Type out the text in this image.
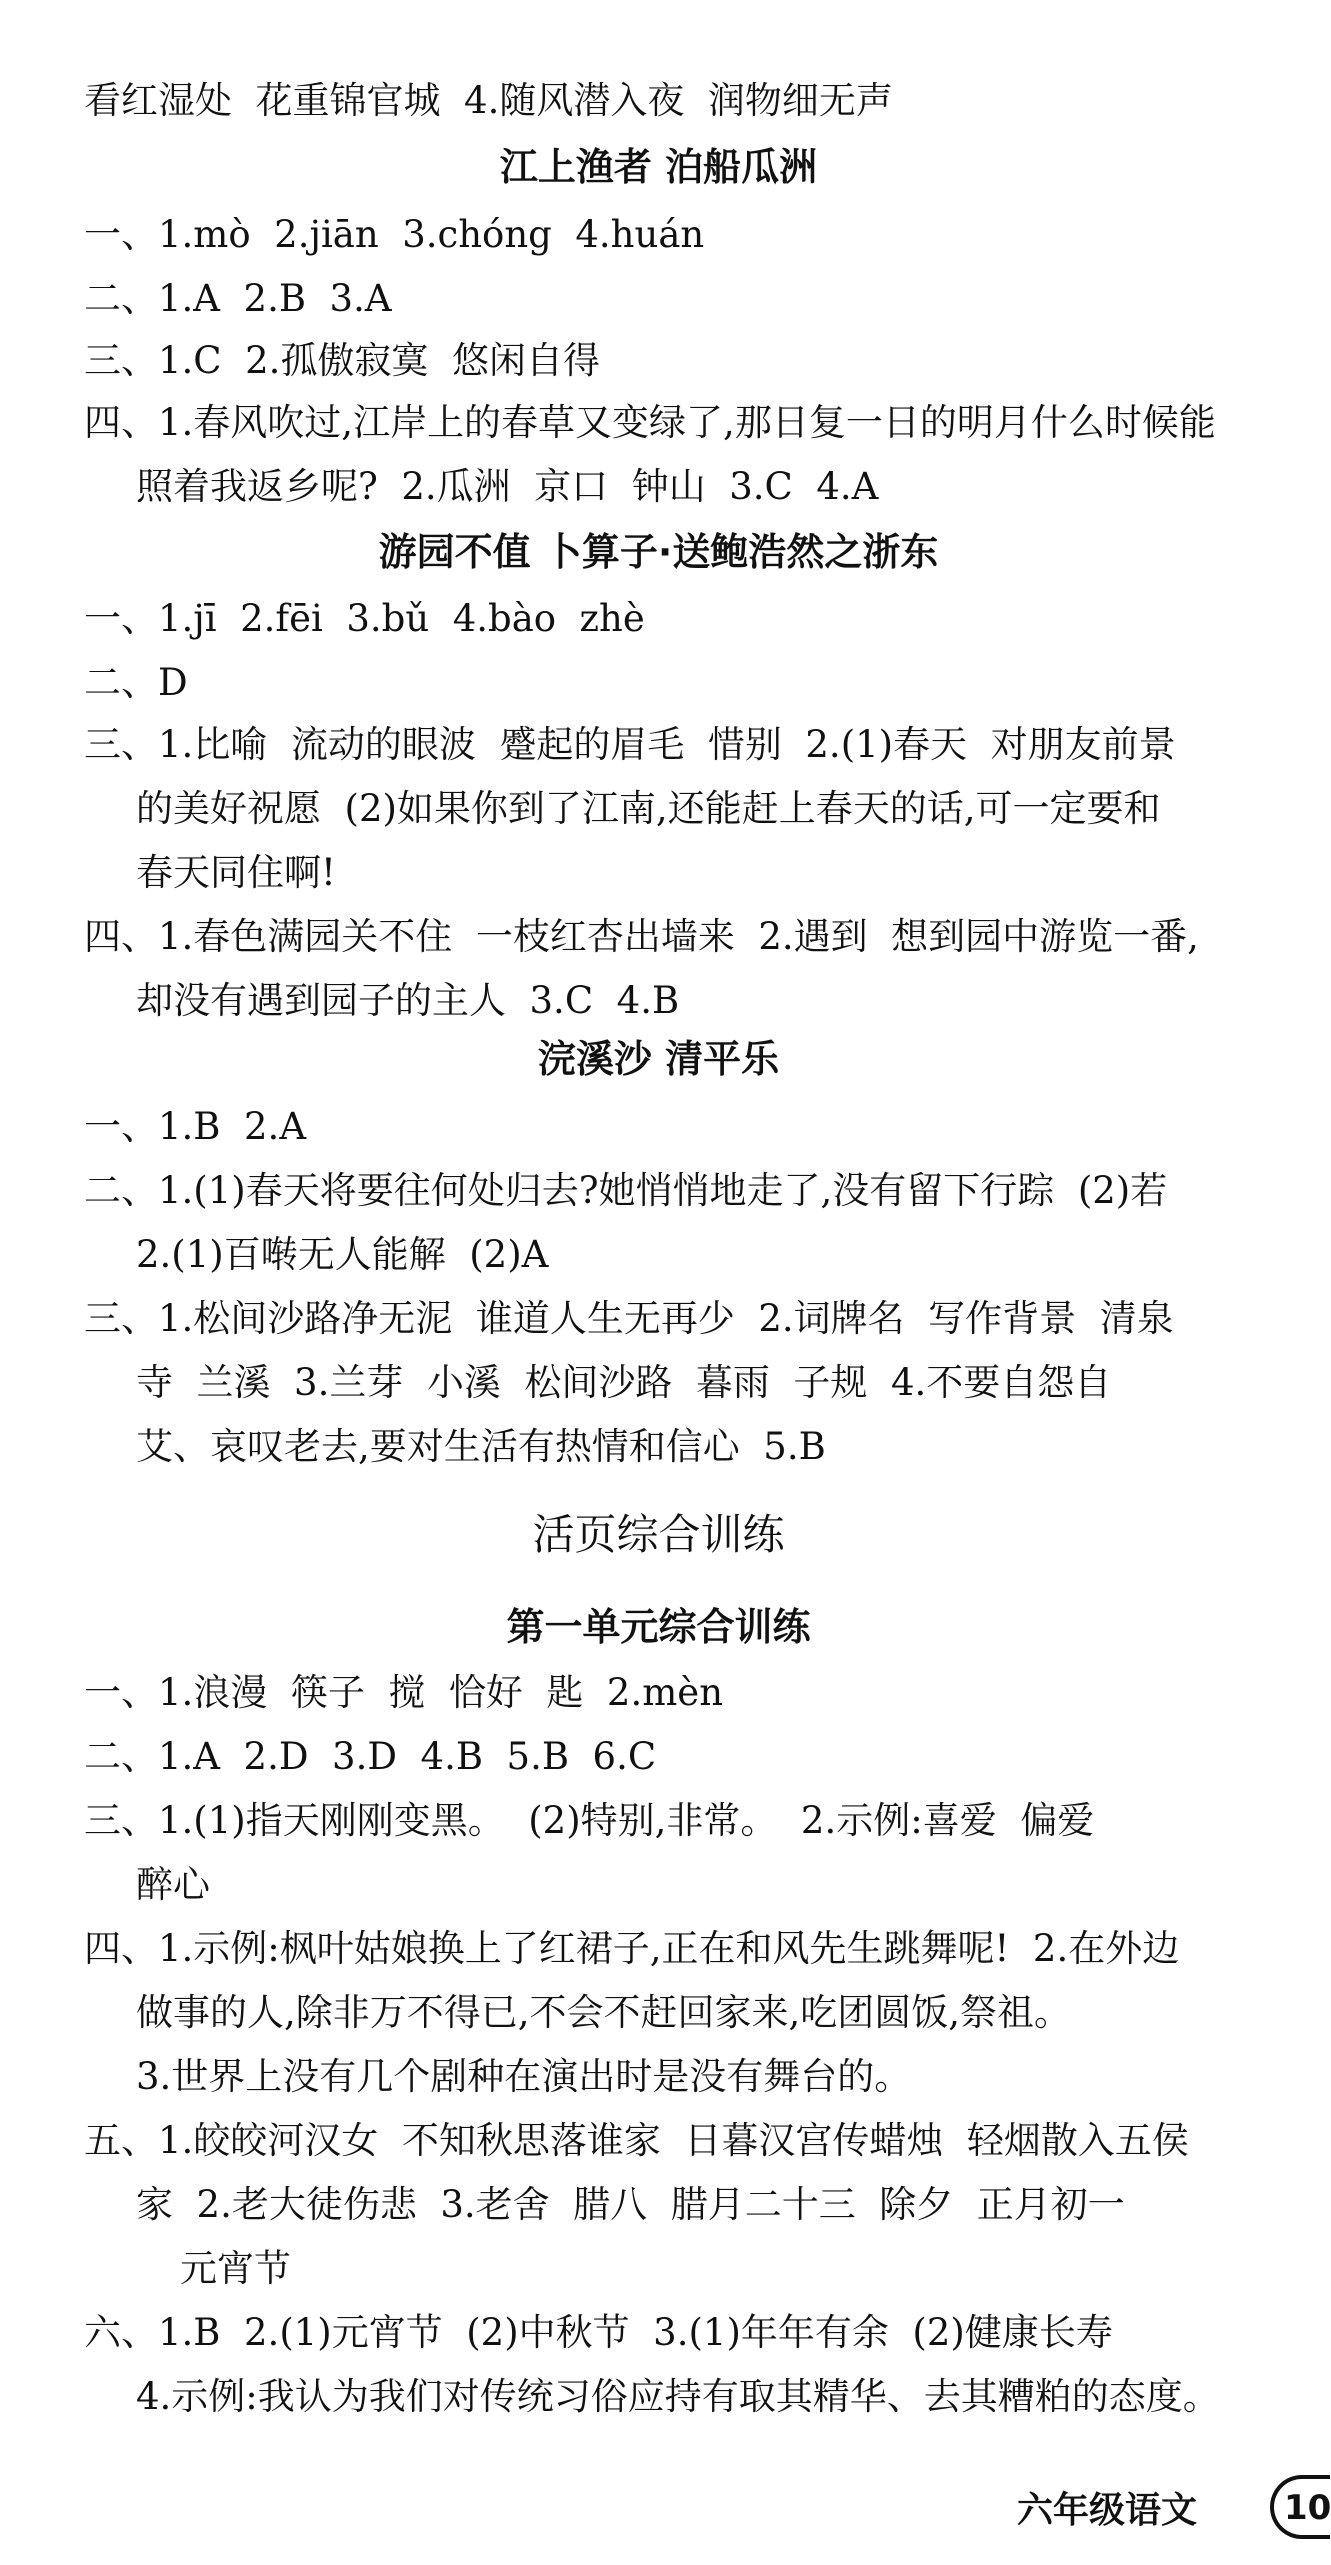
看红湿处  花重锦官城  4.随风潜入夜  润物细无声
江上渔者 泊船瓜洲
一、1.mò  2.jiān  3.chóng  4.huán
二、1.A  2.B  3.A
三、1.C  2.孤傲寂寞  悠闲自得
四、1.春风吹过,江岸上的春草又变绿了,那日复一日的明月什么时候能
照着我返乡呢?  2.瓜洲  京口  钟山  3.C  4.A
游园不值 卜算子·送鲍浩然之浙东
一、1.jī  2.fēi  3.bǔ  4.bào  zhè
二、D
三、1.比喻  流动的眼波  蹙起的眉毛  惜别  2.(1)春天  对朋友前景
的美好祝愿  (2)如果你到了江南,还能赶上春天的话,可一定要和
春天同住啊!
四、1.春色满园关不住  一枝红杏出墙来  2.遇到  想到园中游览一番,
却没有遇到园子的主人  3.C  4.B
浣溪沙 清平乐
一、1.B  2.A
二、1.(1)春天将要往何处归去?她悄悄地走了,没有留下行踪  (2)若
2.(1)百啭无人能解  (2)A
三、1.松间沙路净无泥  谁道人生无再少  2.词牌名  写作背景  清泉
寺  兰溪  3.兰芽  小溪  松间沙路  暮雨  子规  4.不要自怨自
艾、哀叹老去,要对生活有热情和信心  5.B
活页综合训练
第一单元综合训练
一、1.浪漫  筷子  搅  恰好  匙  2.mèn
二、1.A  2.D  3.D  4.B  5.B  6.C
三、1.(1)指天刚刚变黑。  (2)特别,非常。  2.示例:喜爱  偏爱
醉心
四、1.示例:枫叶姑娘换上了红裙子,正在和风先生跳舞呢!  2.在外边
做事的人,除非万不得已,不会不赶回家来,吃团圆饭,祭祖。
3.世界上没有几个剧种在演出时是没有舞台的。
五、1.皎皎河汉女  不知秋思落谁家  日暮汉宫传蜡烛  轻烟散入五侯
家  2.老大徒伤悲  3.老舍  腊八  腊月二十三  除夕  正月初一
元宵节
六、1.B  2.(1)元宵节  (2)中秋节  3.(1)年年有余  (2)健康长寿
4.示例:我认为我们对传统习俗应持有取其精华、去其糟粕的态度。
六年级语文	10
